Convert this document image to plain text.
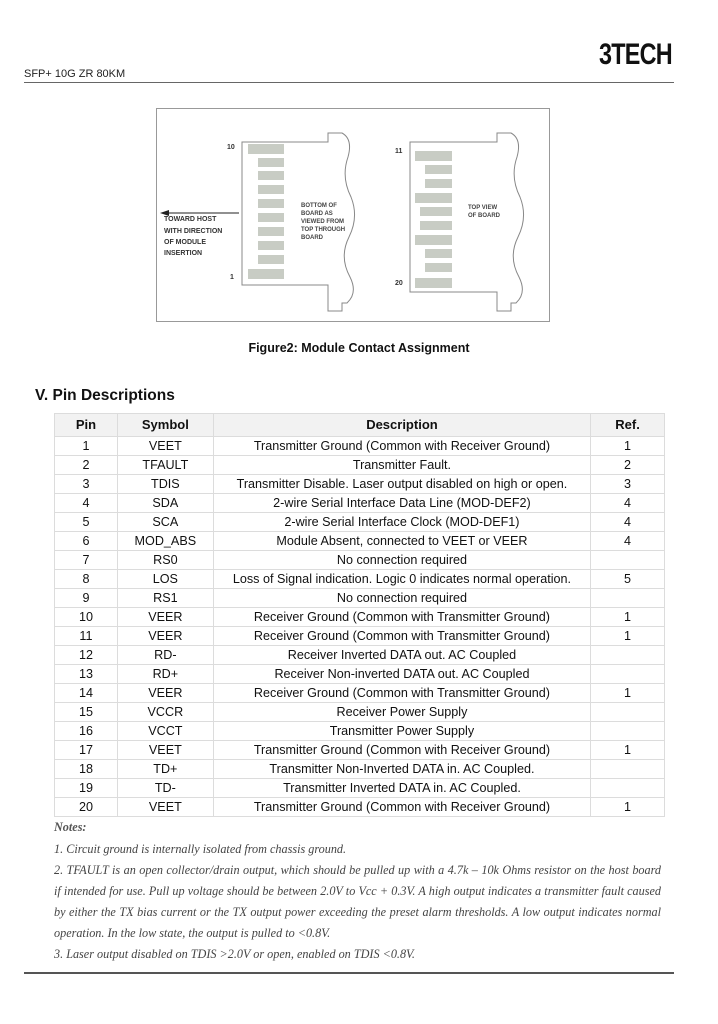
SFP+ 10G ZR 80KM
3TECH
TOWARD HOST
WITH DIRECTION
OF MODULE
INSERTION
10
1
BOTTOM OF
BOARD AS
VIEWED FROM
TOP THROUGH
BOARD
11
20
TOP VIEW
OF BOARD
Figure2: Module Contact Assignment
V. Pin Descriptions
Pin	Symbol	Description	Ref.
1	VEET	Transmitter Ground (Common with Receiver Ground)	1
2	TFAULT	Transmitter Fault.	2
3	TDIS	Transmitter Disable. Laser output disabled on high or open.	3
4	SDA	2-wire Serial Interface Data Line (MOD-DEF2)	4
5	SCA	2-wire Serial Interface Clock (MOD-DEF1)	4
6	MOD_ABS	Module Absent, connected to VEET or VEER	4
7	RS0	No connection required	
8	LOS	Loss of Signal indication. Logic 0 indicates normal operation.	5
9	RS1	No connection required	
10	VEER	Receiver Ground (Common with Transmitter Ground)	1
11	VEER	Receiver Ground (Common with Transmitter Ground)	1
12	RD-	Receiver Inverted DATA out. AC Coupled	
13	RD+	Receiver Non-inverted DATA out. AC Coupled	
14	VEER	Receiver Ground (Common with Transmitter Ground)	1
15	VCCR	Receiver Power Supply	
16	VCCT	Transmitter Power Supply	
17	VEET	Transmitter Ground (Common with Receiver Ground)	1
18	TD+	Transmitter Non-Inverted DATA in. AC Coupled.	
19	TD-	Transmitter Inverted DATA in. AC Coupled.	
20	VEET	Transmitter Ground (Common with Receiver Ground)	1
Notes:

1. Circuit ground is internally isolated from chassis ground.

2. TFAULT is an open collector/drain output, which should be pulled up with a 4.7k – 10k Ohms resistor on the host board if intended for use. Pull up voltage should be between 2.0V to Vcc + 0.3V. A high output indicates a transmitter fault caused by either the TX bias current or the TX output power exceeding the preset alarm thresholds. A low output indicates normal operation. In the low state, the output is pulled to <0.8V.

3. Laser output disabled on TDIS >2.0V or open, enabled on TDIS <0.8V.
